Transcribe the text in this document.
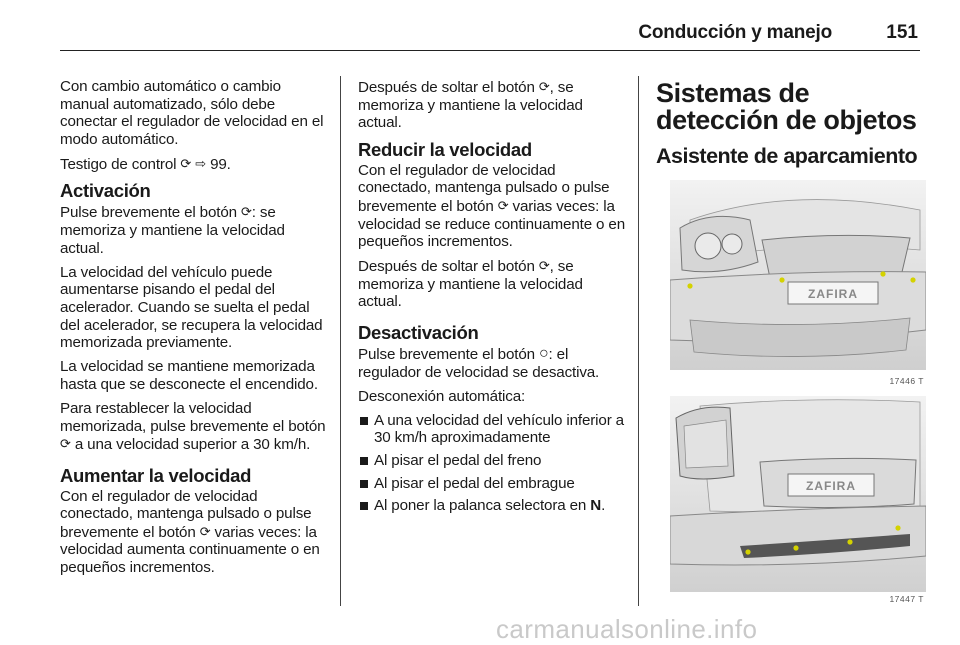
Conducción y manejo	151

Con cambio automático o cambio manual automatizado, sólo debe conectar el regulador de velocidad en el modo automático.

Testigo de control ⟳ ⇨ 99.

Activación

Pulse brevemente el botón ⟳: se memoriza y mantiene la velocidad actual.

La velocidad del vehículo puede aumentarse pisando el pedal del acelerador. Cuando se suelta el pedal del acelerador, se recupera la velocidad memorizada previamente.

La velocidad se mantiene memorizada hasta que se desconecte el encendido.

Para restablecer la velocidad memorizada, pulse brevemente el botón ⟳ a una velocidad superior a 30 km/h.

Aumentar la velocidad

Con el regulador de velocidad conectado, mantenga pulsado o pulse brevemente el botón ⟳ varias veces: la velocidad aumenta continuamente o en pequeños incrementos.

Después de soltar el botón ⟳, se memoriza y mantiene la velocidad actual.

Reducir la velocidad

Con el regulador de velocidad conectado, mantenga pulsado o pulse brevemente el botón ⟳ varias veces: la velocidad se reduce continuamente o en pequeños incrementos.

Después de soltar el botón ⟳, se memoriza y mantiene la velocidad actual.

Desactivación

Pulse brevemente el botón ○: el regulador de velocidad se desactiva.

Desconexión automática:

A una velocidad del vehículo inferior a 30 km/h aproximadamente
Al pisar el pedal del freno
Al pisar el pedal del embrague
Al poner la palanca selectora en N.
Sistemas de detección de objetos
Asistente de aparcamiento
ZAFIRA
17446 T
ZAFIRA
17447 T
carmanualsonline.info
